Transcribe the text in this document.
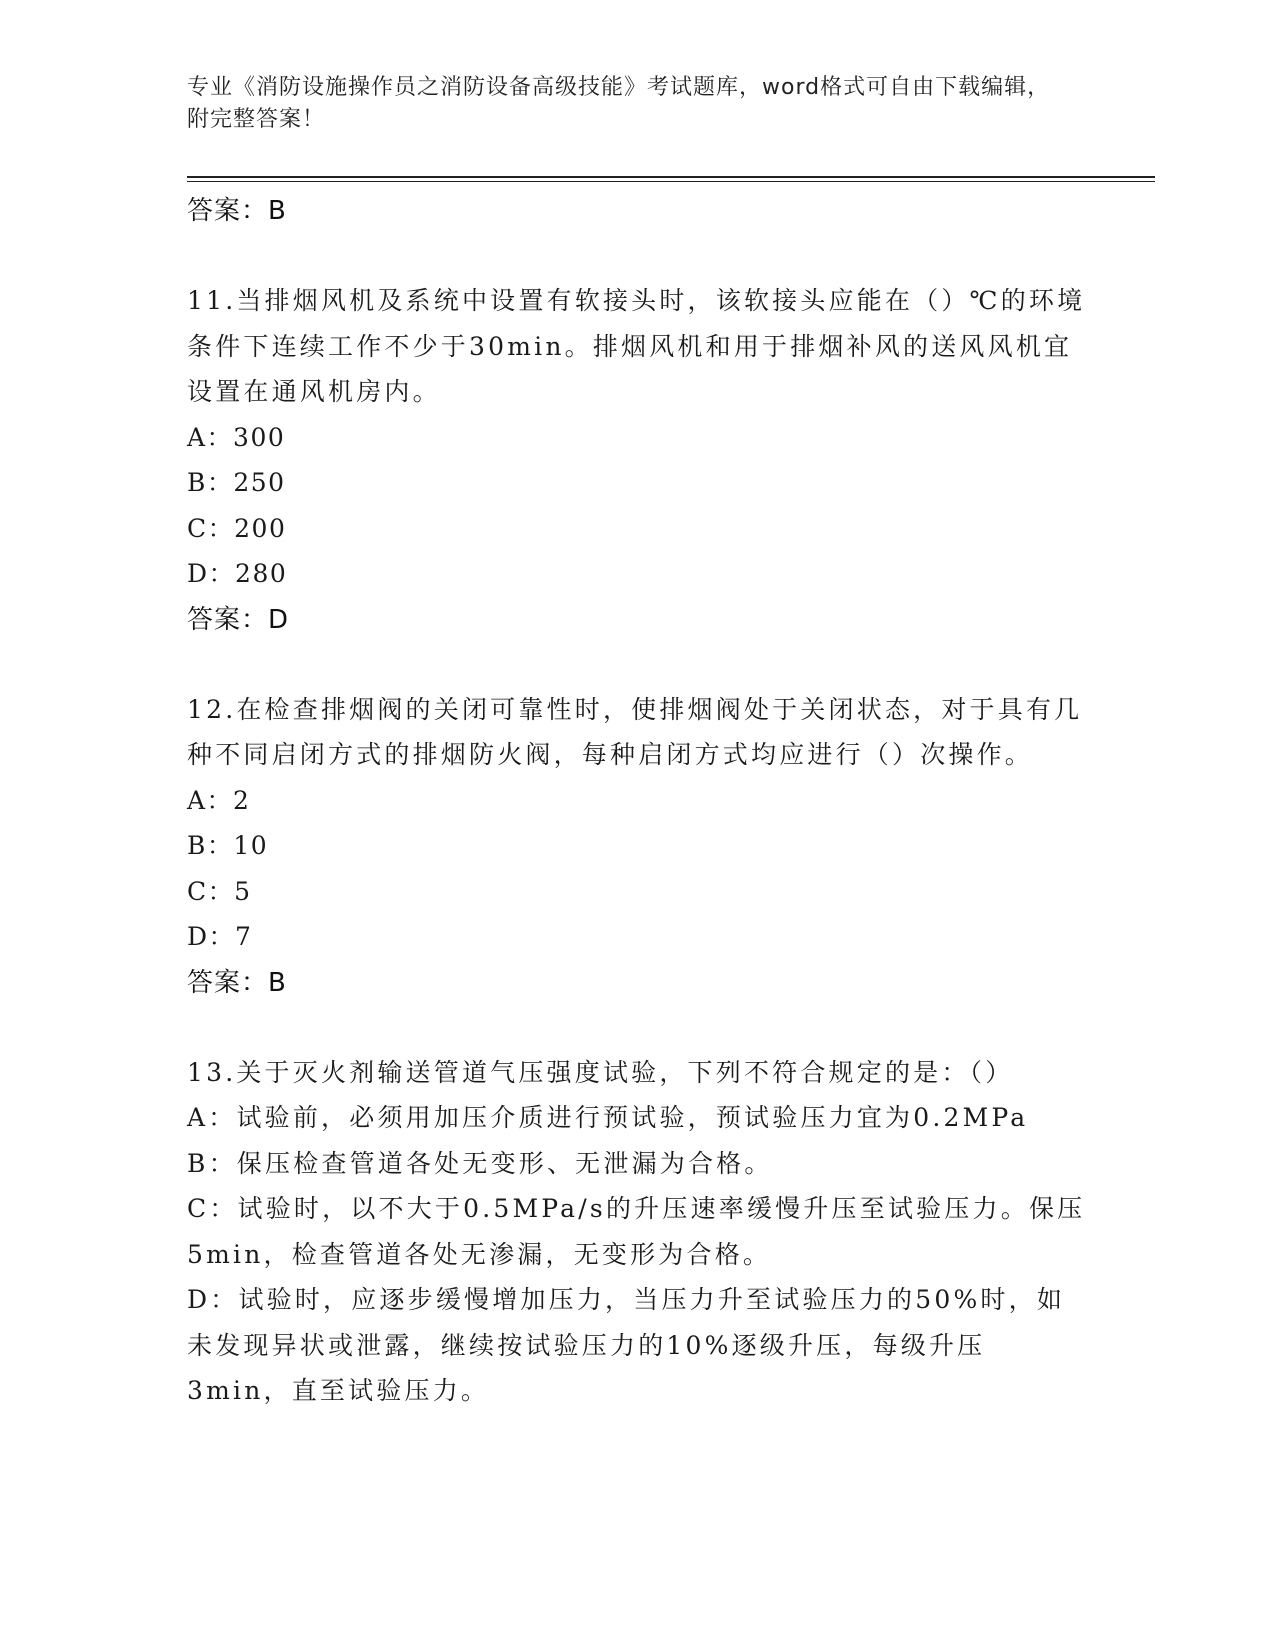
专业《消防设施操作员之消防设备高级技能》考试题库，word格式可自由下载编辑，附完整答案！
答案：B
11.当排烟风机及系统中设置有软接头时，该软接头应能在（）℃的环境条件下连续工作不少于30min。排烟风机和用于排烟补风的送风风机宜设置在通风机房内。
A：300
B：250
C：200
D：280
答案：D
12.在检查排烟阀的关闭可靠性时，使排烟阀处于关闭状态，对于具有几种不同启闭方式的排烟防火阀，每种启闭方式均应进行（）次操作。
A：2
B：10
C：5
D：7
答案：B
13.关于灭火剂输送管道气压强度试验，下列不符合规定的是：（）
A：试验前，必须用加压介质进行预试验，预试验压力宜为0.2MPa
B：保压检查管道各处无变形、无泄漏为合格。
C：试验时，以不大于0.5MPa/s的升压速率缓慢升压至试验压力。保压5min，检查管道各处无渗漏，无变形为合格。
D：试验时，应逐步缓慢增加压力，当压力升至试验压力的50%时，如未发现异状或泄露，继续按试验压力的10%逐级升压，每级升压3min，直至试验压力。
